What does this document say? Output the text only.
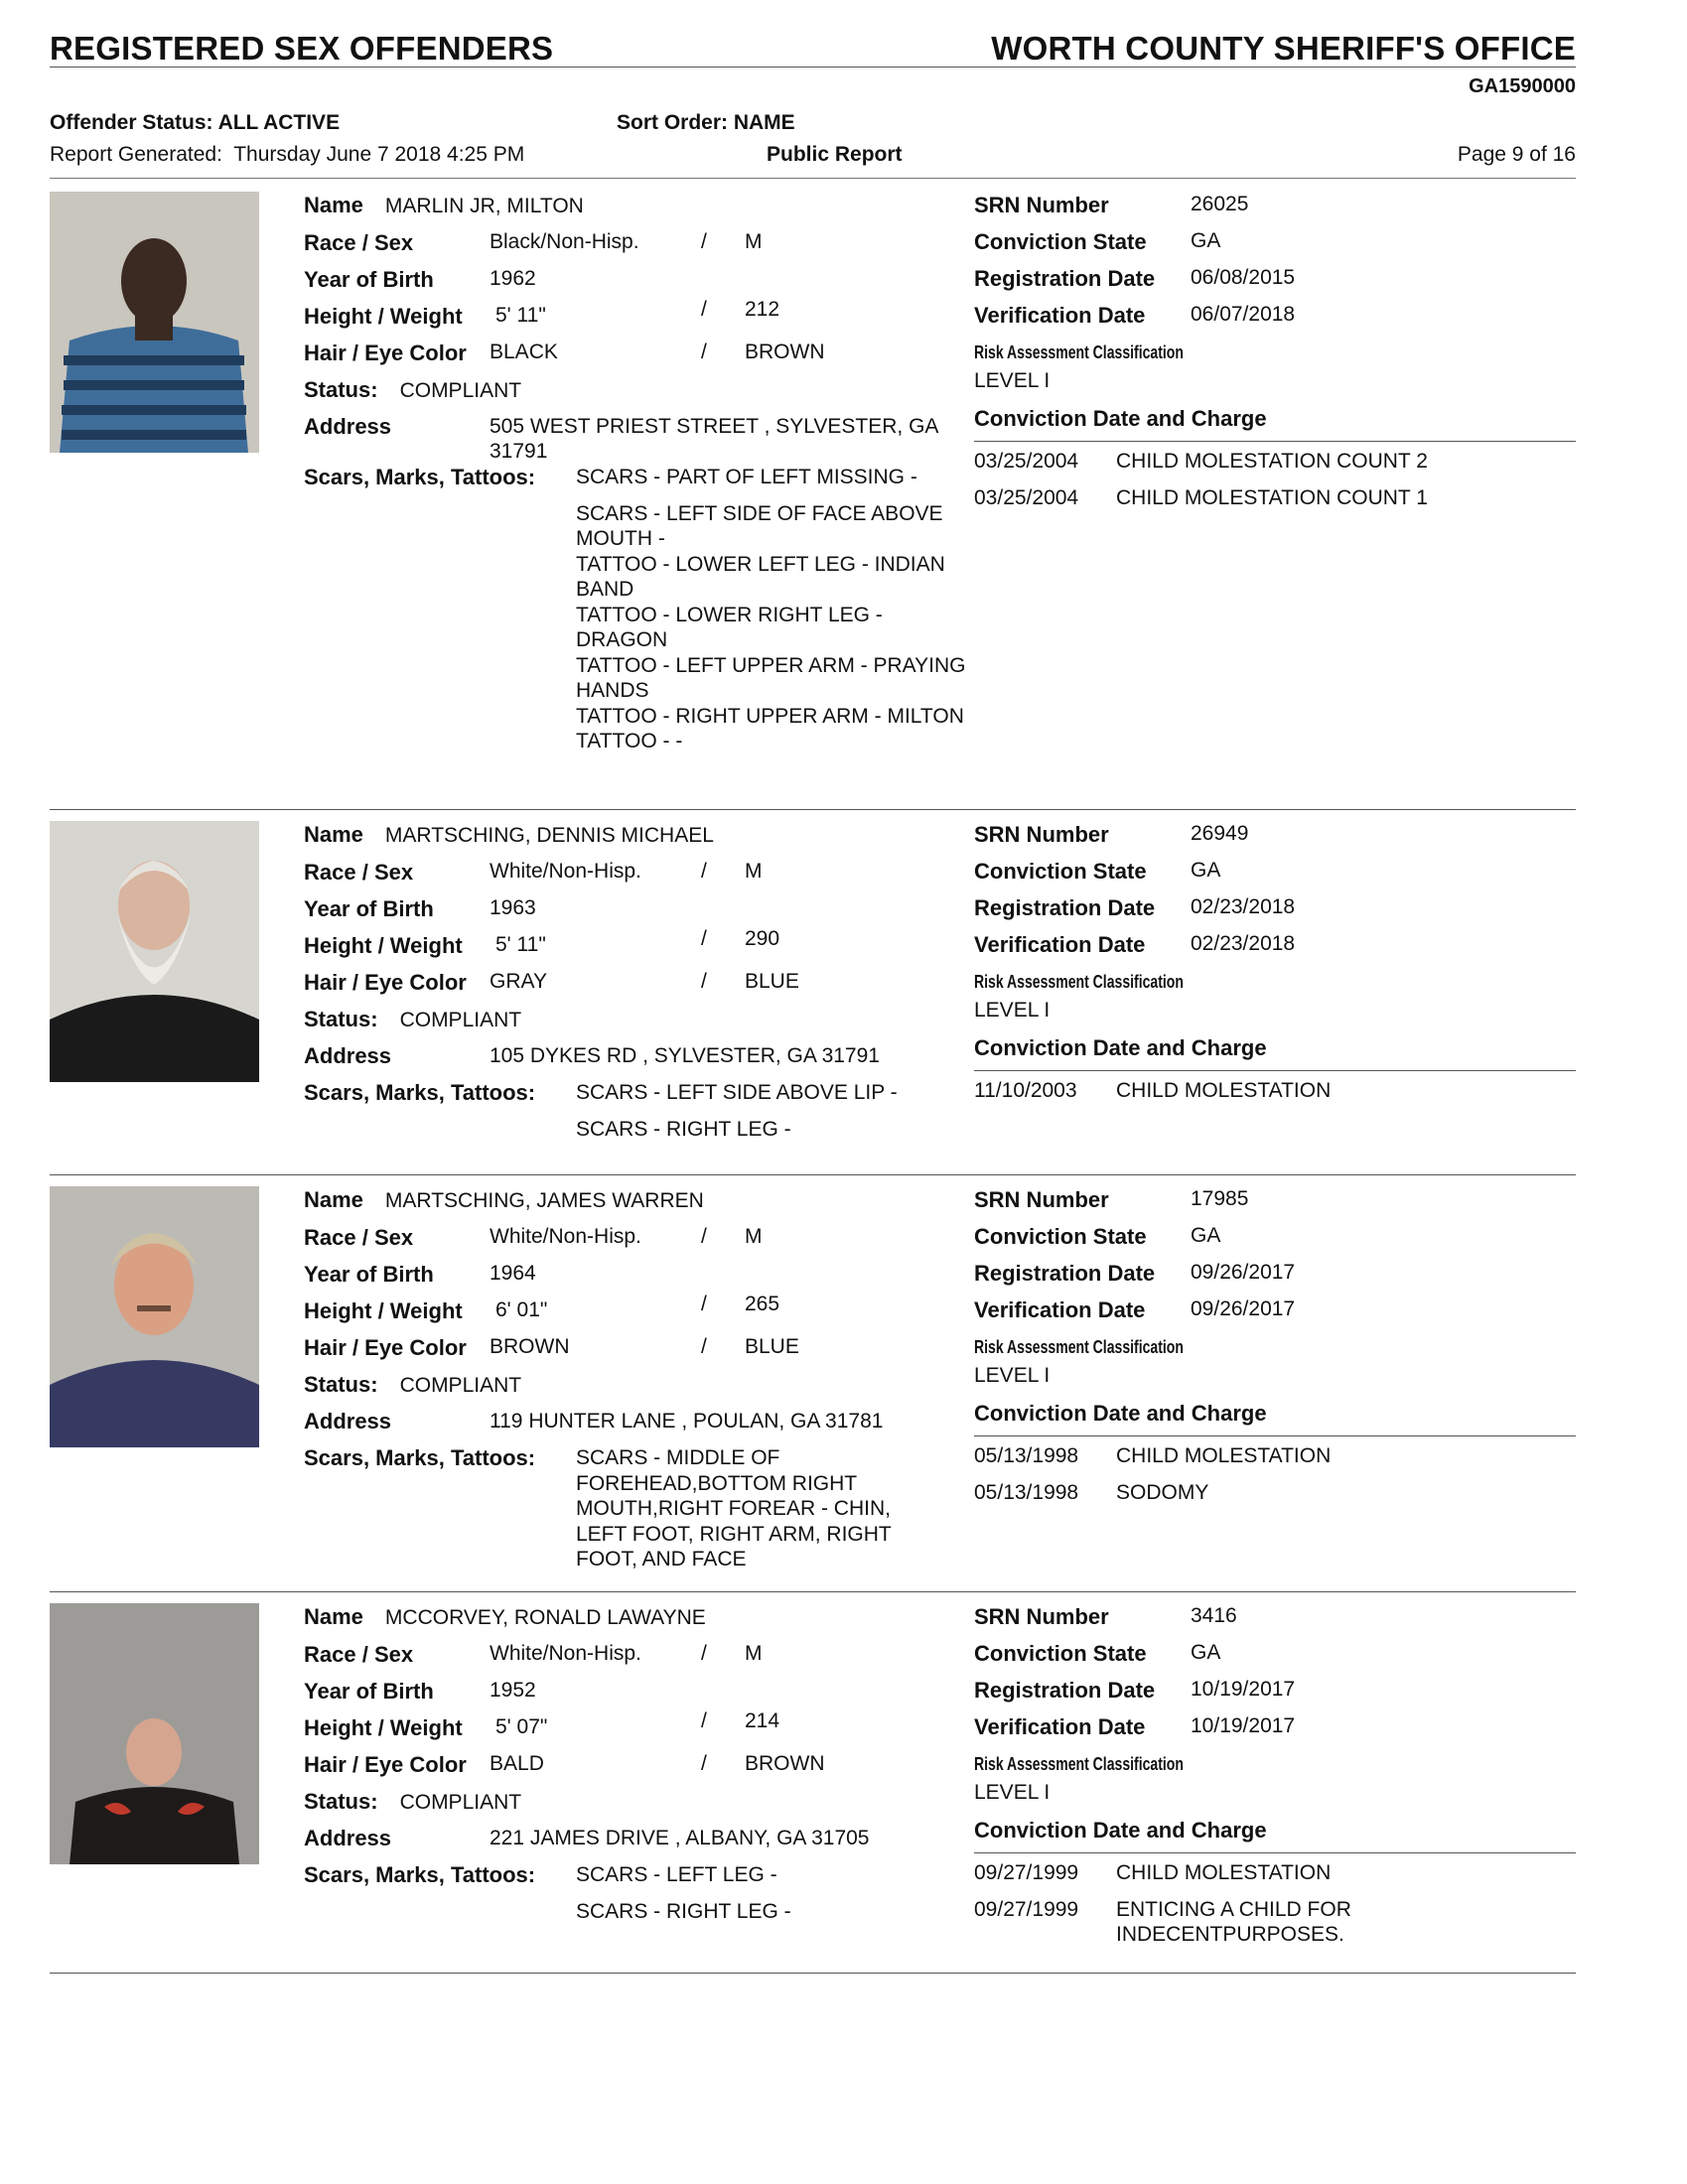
REGISTERED SEX OFFENDERS	WORTH COUNTY SHERIFF'S OFFICE
GA1590000
Offender Status: ALL ACTIVE	Sort Order: NAME
Report Generated: Thursday June 7 2018 4:25 PM	Public Report	Page 9 of 16
Name MARLIN JR, MILTON
Race / Sex	Black/Non-Hisp.	/ M
Year of Birth	1962
Height / Weight 5' 11"	/ 212
Hair / Eye Color BLACK	/ BROWN
Status: COMPLIANT
Address	505 WEST PRIEST STREET , SYLVESTER, GA 31791
Scars, Marks, Tattoos: SCARS - PART OF LEFT MISSING -
SCARS - LEFT SIDE OF FACE ABOVE MOUTH -
TATTOO - LOWER LEFT LEG - INDIAN BAND
TATTOO - LOWER RIGHT LEG - DRAGON
TATTOO - LEFT UPPER ARM - PRAYING HANDS
TATTOO - RIGHT UPPER ARM - MILTON
TATTOO - -
SRN Number	26025
Conviction State GA
Registration Date 06/08/2015
Verification Date 06/07/2018
Risk Assessment Classification
LEVEL I
Conviction Date and Charge
03/25/2004	CHILD MOLESTATION COUNT 2
03/25/2004	CHILD MOLESTATION COUNT 1
Name MARTSCHING, DENNIS MICHAEL
Race / Sex	White/Non-Hisp.	/ M
Year of Birth	1963
Height / Weight 5' 11"	/ 290
Hair / Eye Color GRAY	/ BLUE
Status: COMPLIANT
Address	105 DYKES RD , SYLVESTER, GA 31791
Scars, Marks, Tattoos: SCARS - LEFT SIDE ABOVE LIP -
SCARS - RIGHT LEG -
SRN Number	26949
Conviction State GA
Registration Date 02/23/2018
Verification Date 02/23/2018
Risk Assessment Classification
LEVEL I
Conviction Date and Charge
11/10/2003	CHILD MOLESTATION
Name MARTSCHING, JAMES WARREN
Race / Sex	White/Non-Hisp.	/ M
Year of Birth	1964
Height / Weight 6' 01"	/ 265
Hair / Eye Color BROWN	/ BLUE
Status: COMPLIANT
Address	119 HUNTER LANE , POULAN, GA 31781
Scars, Marks, Tattoos: SCARS - MIDDLE OF FOREHEAD,BOTTOM RIGHT MOUTH,RIGHT FOREAR - CHIN, LEFT FOOT, RIGHT ARM, RIGHT FOOT, AND FACE
SRN Number	17985
Conviction State GA
Registration Date 09/26/2017
Verification Date 09/26/2017
Risk Assessment Classification
LEVEL I
Conviction Date and Charge
05/13/1998	CHILD MOLESTATION
05/13/1998	SODOMY
Name MCCORVEY, RONALD LAWAYNE
Race / Sex	White/Non-Hisp.	/ M
Year of Birth	1952
Height / Weight 5' 07"	/ 214
Hair / Eye Color BALD	/ BROWN
Status: COMPLIANT
Address	221 JAMES DRIVE , ALBANY, GA 31705
Scars, Marks, Tattoos: SCARS - LEFT LEG -
SCARS - RIGHT LEG -
SRN Number	3416
Conviction State GA
Registration Date 10/19/2017
Verification Date 10/19/2017
Risk Assessment Classification
LEVEL I
Conviction Date and Charge
09/27/1999	CHILD MOLESTATION
09/27/1999	ENTICING A CHILD FOR INDECENTPURPOSES.
